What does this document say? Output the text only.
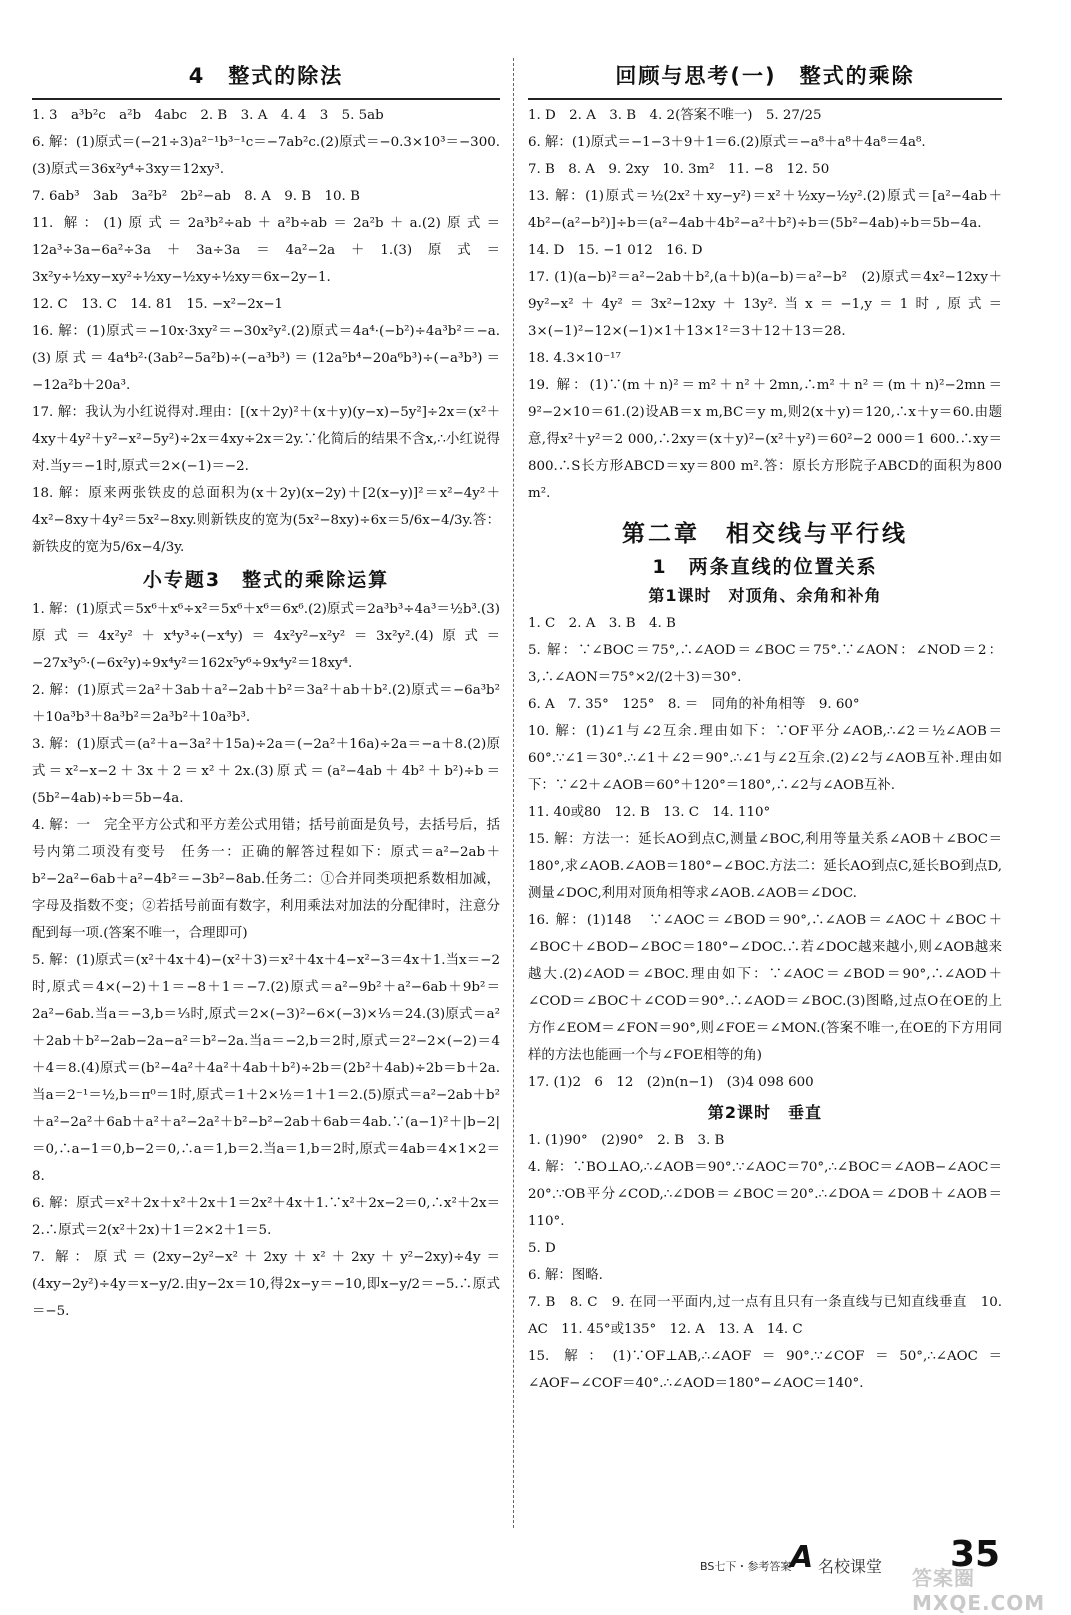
4　整式的除法

1. 3　a³b²c　a²b　4abc　2. B　3. A　4. 4　3　5. 5ab

6. 解：(1)原式＝(−21÷3)a²⁻¹b³⁻¹c＝−7ab²c.(2)原式＝−0.3×10³＝−300.(3)原式＝36x²y⁴÷3xy＝12xy³.

7. 6ab³　3ab　3a²b²　2b²−ab　8. A　9. B　10. B

11. 解：(1)原式＝2a³b²÷ab＋a²b÷ab＝2a²b＋a.(2)原式＝12a³÷3a−6a²÷3a＋3a÷3a＝4a²−2a＋1.(3)原式＝3x²y÷½xy−xy²÷½xy−½xy÷½xy＝6x−2y−1.

12. C　13. C　14. 81　15. −x²−2x−1

16. 解：(1)原式＝−10x·3xy²＝−30x²y².(2)原式＝4a⁴·(−b²)÷4a³b²＝−a.(3)原式＝4a⁴b²·(3ab²−5a²b)÷(−a³b³)＝(12a⁵b⁴−20a⁶b³)÷(−a³b³)＝−12a²b＋20a³.

17. 解：我认为小红说得对.理由：[(x＋2y)²＋(x＋y)(y−x)−5y²]÷2x＝(x²＋4xy＋4y²＋y²−x²−5y²)÷2x＝4xy÷2x＝2y.∵化简后的结果不含x,∴小红说得对.当y＝−1时,原式＝2×(−1)＝−2.

18. 解：原来两张铁皮的总面积为(x＋2y)(x−2y)＋[2(x−y)]²＝x²−4y²＋4x²−8xy＋4y²＝5x²−8xy.则新铁皮的宽为(5x²−8xy)÷6x＝5/6x−4/3y.答：新铁皮的宽为5/6x−4/3y.

小专题3　整式的乘除运算

1. 解：(1)原式＝5x⁶＋x⁶÷x²＝5x⁶＋x⁶＝6x⁶.(2)原式＝2a³b³÷4a³＝½b³.(3)原式＝4x²y²＋x⁴y³÷(−x⁴y)＝4x²y²−x²y²＝3x²y².(4)原式＝−27x³y⁵·(−6x²y)÷9x⁴y²＝162x⁵y⁶÷9x⁴y²＝18xy⁴.

2. 解：(1)原式＝2a²＋3ab＋a²−2ab＋b²＝3a²＋ab＋b².(2)原式＝−6a³b²＋10a³b³＋8a³b²＝2a³b²＋10a³b³.

3. 解：(1)原式＝(a²＋a−3a²＋15a)÷2a＝(−2a²＋16a)÷2a＝−a＋8.(2)原式＝x²−x−2＋3x＋2＝x²＋2x.(3)原式＝(a²−4ab＋4b²＋b²)÷b＝(5b²−4ab)÷b＝5b−4a.

4. 解：一　完全平方公式和平方差公式用错；括号前面是负号，去括号后，括号内第二项没有变号　任务一：正确的解答过程如下：原式＝a²−2ab＋b²−2a²−6ab＋a²−4b²＝−3b²−8ab.任务二：①合并同类项把系数相加减，字母及指数不变；②若括号前面有数字，利用乘法对加法的分配律时，注意分配到每一项.(答案不唯一，合理即可)

5. 解：(1)原式＝(x²＋4x＋4)−(x²＋3)＝x²＋4x＋4−x²−3＝4x＋1.当x＝−2时,原式＝4×(−2)＋1＝−8＋1＝−7.(2)原式＝a²−9b²＋a²−6ab＋9b²＝2a²−6ab.当a＝−3,b＝⅓时,原式＝2×(−3)²−6×(−3)×⅓＝24.(3)原式＝a²＋2ab＋b²−2ab−2a−a²＝b²−2a.当a＝−2,b＝2时,原式＝2²−2×(−2)＝4＋4＝8.(4)原式＝(b²−4a²＋4a²＋4ab＋b²)÷2b＝(2b²＋4ab)÷2b＝b＋2a.当a＝2⁻¹＝½,b＝π⁰＝1时,原式＝1＋2×½＝1＋1＝2.(5)原式＝a²−2ab＋b²＋a²−2a²＋6ab＋a²＋a²−2a²＋b²−b²−2ab＋6ab＝4ab.∵(a−1)²＋|b−2|＝0,∴a−1＝0,b−2＝0,∴a＝1,b＝2.当a＝1,b＝2时,原式＝4ab＝4×1×2＝8.

6. 解：原式＝x²＋2x＋x²＋2x＋1＝2x²＋4x＋1.∵x²＋2x−2＝0,∴x²＋2x＝2.∴原式＝2(x²＋2x)＋1＝2×2＋1＝5.

7. 解：原式＝(2xy−2y²−x²＋2xy＋x²＋2xy＋y²−2xy)÷4y＝(4xy−2y²)÷4y＝x−y/2.由y−2x＝10,得2x−y＝−10,即x−y/2＝−5.∴原式＝−5.

回顾与思考(一)　整式的乘除

1. D　2. A　3. B　4. 2(答案不唯一)　5. 27/25

6. 解：(1)原式＝−1−3＋9＋1＝6.(2)原式＝−a⁸＋a⁸＋4a⁸＝4a⁸.

7. B　8. A　9. 2xy　10. 3m²　11. −8　12. 50

13. 解：(1)原式＝½(2x²＋xy−y²)＝x²＋½xy−½y².(2)原式＝[a²−4ab＋4b²−(a²−b²)]÷b＝(a²−4ab＋4b²−a²＋b²)÷b＝(5b²−4ab)÷b＝5b−4a.

14. D　15. −1 012　16. D

17. (1)(a−b)²＝a²−2ab＋b²,(a＋b)(a−b)＝a²−b²　(2)原式＝4x²−12xy＋9y²−x²＋4y²＝3x²−12xy＋13y².当x＝−1,y＝1时,原式＝3×(−1)²−12×(−1)×1＋13×1²＝3＋12＋13＝28.

18. 4.3×10⁻¹⁷

19. 解：(1)∵(m＋n)²＝m²＋n²＋2mn,∴m²＋n²＝(m＋n)²−2mn＝9²−2×10＝61.(2)设AB＝x m,BC＝y m,则2(x＋y)＝120,∴x＋y＝60.由题意,得x²＋y²＝2 000,∴2xy＝(x＋y)²−(x²＋y²)＝60²−2 000＝1 600.∴xy＝800.∴S长方形ABCD＝xy＝800 m².答：原长方形院子ABCD的面积为800 m².

第二章　相交线与平行线
1　两条直线的位置关系
第1课时　对顶角、余角和补角

1. C　2. A　3. B　4. B

5. 解：∵∠BOC＝75°,∴∠AOD＝∠BOC＝75°.∵∠AON：∠NOD＝2：3,∴∠AON＝75°×2/(2＋3)＝30°.

6. A　7. 35°　125°　8. ＝　同角的补角相等　9. 60°

10. 解：(1)∠1与∠2互余.理由如下：∵OF平分∠AOB,∴∠2＝½∠AOB＝60°.∵∠1＝30°.∴∠1＋∠2＝90°.∴∠1与∠2互余.(2)∠2与∠AOB互补.理由如下：∵∠2＋∠AOB＝60°＋120°＝180°,∴∠2与∠AOB互补.

11. 40或80　12. B　13. C　14. 110°

15. 解：方法一：延长AO到点C,测量∠BOC,利用等量关系∠AOB＋∠BOC＝180°,求∠AOB.∠AOB＝180°−∠BOC.方法二：延长AO到点C,延长BO到点D,测量∠DOC,利用对顶角相等求∠AOB.∠AOB＝∠DOC.

16. 解：(1)148　∵∠AOC＝∠BOD＝90°,∴∠AOB＝∠AOC＋∠BOC＋∠BOC＋∠BOD−∠BOC＝180°−∠DOC.∴若∠DOC越来越小,则∠AOB越来越大.(2)∠AOD＝∠BOC.理由如下：∵∠AOC＝∠BOD＝90°,∴∠AOD＋∠COD＝∠BOC＋∠COD＝90°.∴∠AOD＝∠BOC.(3)图略,过点O在OE的上方作∠EOM＝∠FON＝90°,则∠FOE＝∠MON.(答案不唯一,在OE的下方用同样的方法也能画一个与∠FOE相等的角)

17. (1)2　6　12　(2)n(n−1)　(3)4 098 600

第2课时　垂直

1. (1)90°　(2)90°　2. B　3. B

4. 解：∵BO⊥AO,∴∠AOB＝90°.∵∠AOC＝70°,∴∠BOC＝∠AOB−∠AOC＝20°.∵OB平分∠COD,∴∠DOB＝∠BOC＝20°.∴∠DOA＝∠DOB＋∠AOB＝110°.

5. D

6. 解：图略.

7. B　8. C　9. 在同一平面内,过一点有且只有一条直线与已知直线垂直　10. AC　11. 45°或135°　12. A　13. A　14. C

15. 解：(1)∵OF⊥AB,∴∠AOF＝90°.∵∠COF＝50°,∴∠AOC＝∠AOF−∠COF＝40°.∴∠AOD＝180°−∠AOC＝140°.

BS七下・参考答案
A 名校课堂 35
答案圈 MXQE.COM
